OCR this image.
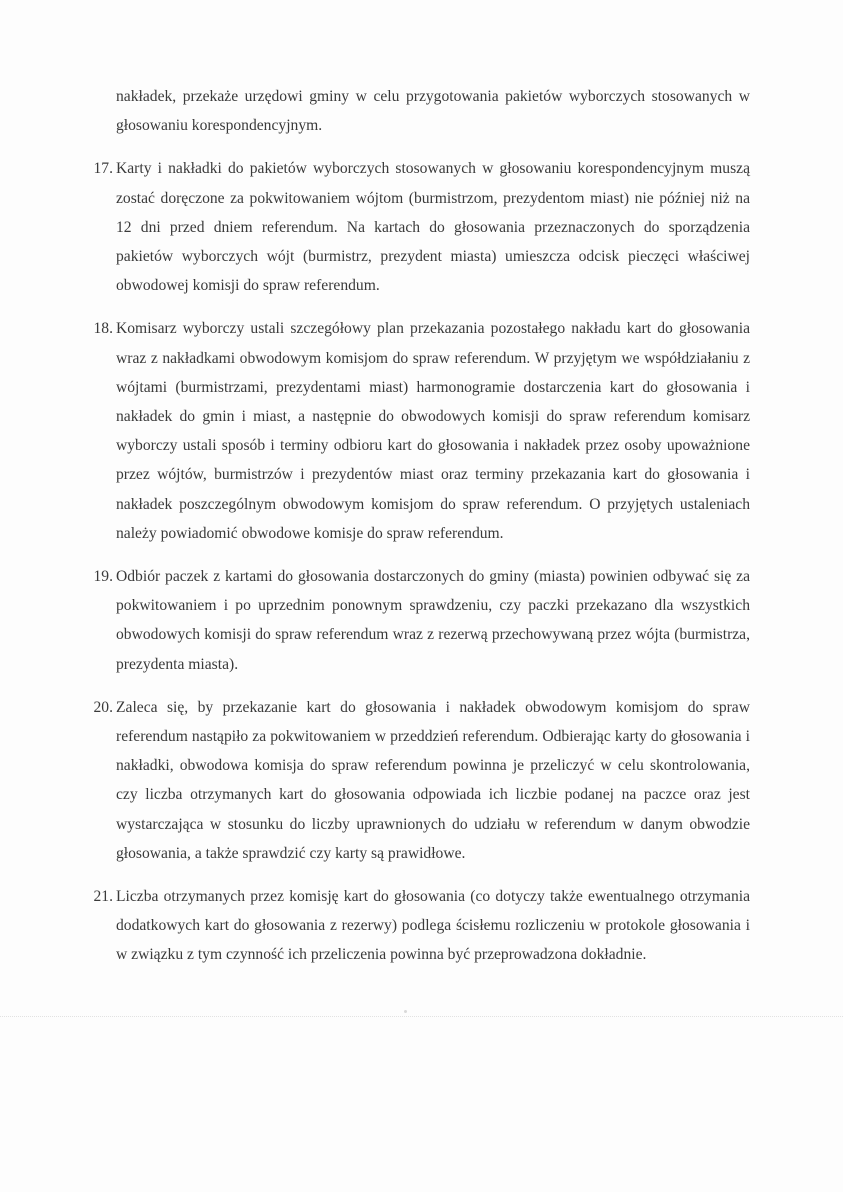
nakładek, przekaże urzędowi gminy w celu przygotowania pakietów wyborczych stosowanych w głosowaniu korespondencyjnym.

17. Karty i nakładki do pakietów wyborczych stosowanych w głosowaniu korespondencyjnym muszą zostać doręczone za pokwitowaniem wójtom (burmistrzom, prezydentom miast) nie później niż na 12 dni przed dniem referendum. Na kartach do głosowania przeznaczonych do sporządzenia pakietów wyborczych wójt (burmistrz, prezydent miasta) umieszcza odcisk pieczęci właściwej obwodowej komisji do spraw referendum.
18. Komisarz wyborczy ustali szczegółowy plan przekazania pozostałego nakładu kart do głosowania wraz z nakładkami obwodowym komisjom do spraw referendum. W przyjętym we współdziałaniu z wójtami (burmistrzami, prezydentami miast) harmonogramie dostarczenia kart do głosowania i nakładek do gmin i miast, a następnie do obwodowych komisji do spraw referendum komisarz wyborczy ustali sposób i terminy odbioru kart do głosowania i nakładek przez osoby upoważnione przez wójtów, burmistrzów i prezydentów miast oraz terminy przekazania kart do głosowania i nakładek poszczególnym obwodowym komisjom do spraw referendum. O przyjętych ustaleniach należy powiadomić obwodowe komisje do spraw referendum.
19. Odbiór paczek z kartami do głosowania dostarczonych do gminy (miasta) powinien odbywać się za pokwitowaniem i po uprzednim ponownym sprawdzeniu, czy paczki przekazano dla wszystkich obwodowych komisji do spraw referendum wraz z rezerwą przechowywaną przez wójta (burmistrza, prezydenta miasta).
20. Zaleca się, by przekazanie kart do głosowania i nakładek obwodowym komisjom do spraw referendum nastąpiło za pokwitowaniem w przeddzień referendum. Odbierając karty do głosowania i nakładki, obwodowa komisja do spraw referendum powinna je przeliczyć w celu skontrolowania, czy liczba otrzymanych kart do głosowania odpowiada ich liczbie podanej na paczce oraz jest wystarczająca w stosunku do liczby uprawnionych do udziału w referendum w danym obwodzie głosowania, a także sprawdzić czy karty są prawidłowe.
21. Liczba otrzymanych przez komisję kart do głosowania (co dotyczy także ewentualnego otrzymania dodatkowych kart do głosowania z rezerwy) podlega ścisłemu rozliczeniu w protokole głosowania i w związku z tym czynność ich przeliczenia powinna być przeprowadzona dokładnie.
